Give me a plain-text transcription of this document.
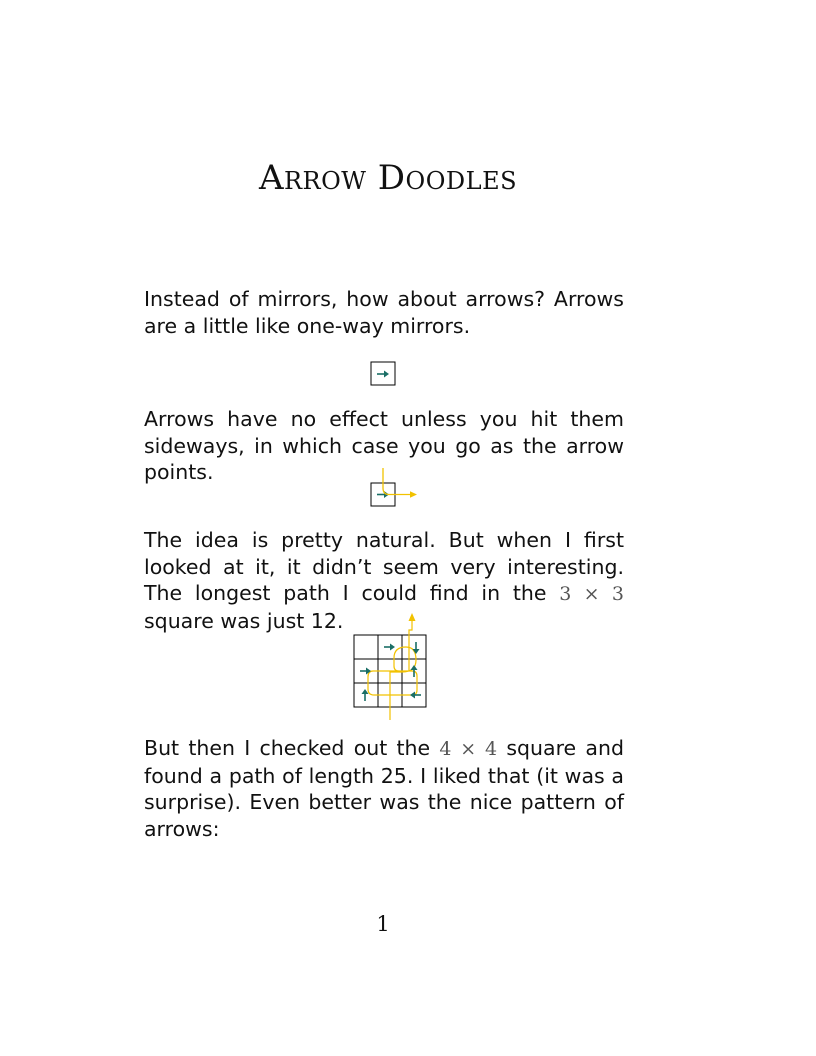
Arrow Doodles

Instead of mirrors, how about arrows? Arrows are a little like one-way mirrors.

Arrows have no effect unless you hit them sideways, in which case you go as the arrow points.

The idea is pretty natural. But when I first looked at it, it didn’t seem very interesting. The longest path I could find in the 3 × 3 square was just 12.

But then I checked out the 4 × 4 square and found a path of length 25. I liked that (it was a surprise). Even better was the nice pattern of arrows:

1
